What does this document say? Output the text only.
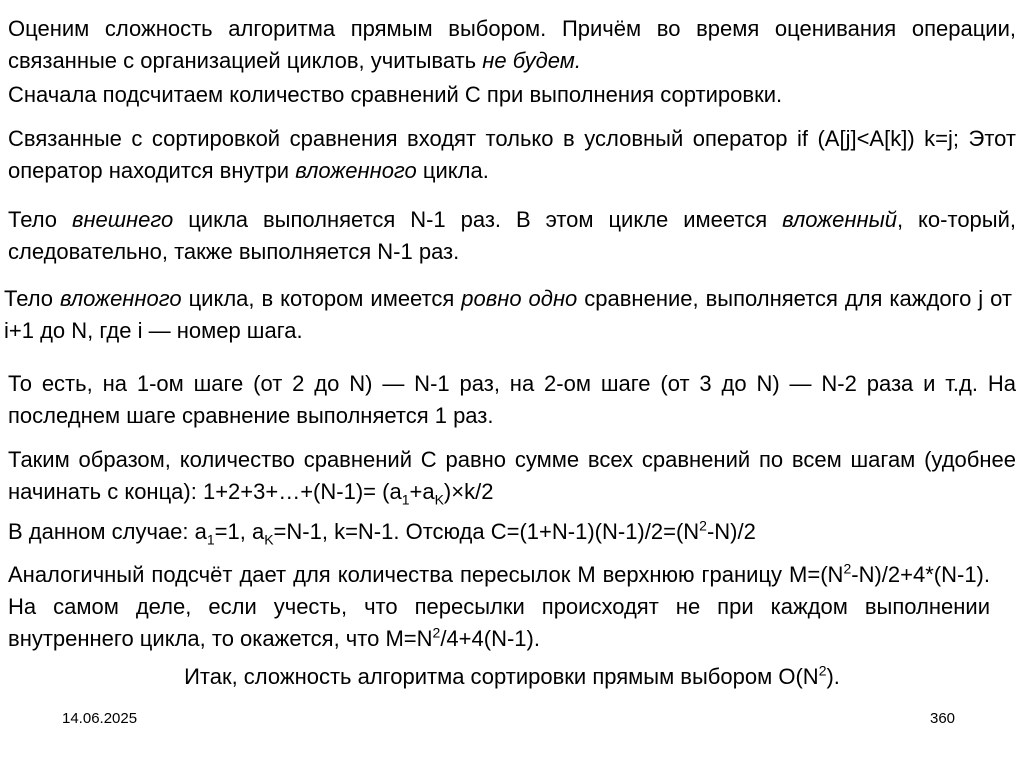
Оценим сложность алгоритма прямым выбором. Причём во время оценивания операции, связанные с организацией циклов, учитывать не будем.

Сначала подсчитаем количество сравнений С при выполнения сортировки.

Связанные с сортировкой сравнения входят только в условный оператор if (A[j]<A[k]) k=j; Этот оператор находится внутри вложенного цикла.

Тело внешнего цикла выполняется N-1 раз. В этом цикле имеется вложенный, ко-торый, следовательно, также выполняется N-1 раз.

Тело вложенного цикла, в котором имеется ровно одно сравнение, выполняется для каждого j от i+1 до N, где i — номер шага.

То есть, на 1-ом шаге (от 2 до N) — N-1 раз, на 2-ом шаге (от 3 до N) — N-2 раза и т.д. На последнем шаге сравнение выполняется 1 раз.

Таким образом, количество сравнений С равно сумме всех сравнений по всем шагам (удобнее начинать с конца): 1+2+3+…+(N-1)= $(a_1+a_K)\times k/2$

В данном случае: $a_1=1$, $a_K=N-1$, k=N-1. Отсюда $C=(1+N-1)(N-1)/2=(N^2-N)/2$

Аналогичный подсчёт дает для количества пересылок М верхнюю границу $M=(N^2-N)/2+4*(N-1)$. На самом деле, если учесть, что пересылки происходят не при каждом выполнении внутреннего цикла, то окажется, что $M=N^2/4+4(N-1)$.

Итак, сложность алгоритма сортировки прямым выбором $O(N^2)$.

14.06.2025	360
